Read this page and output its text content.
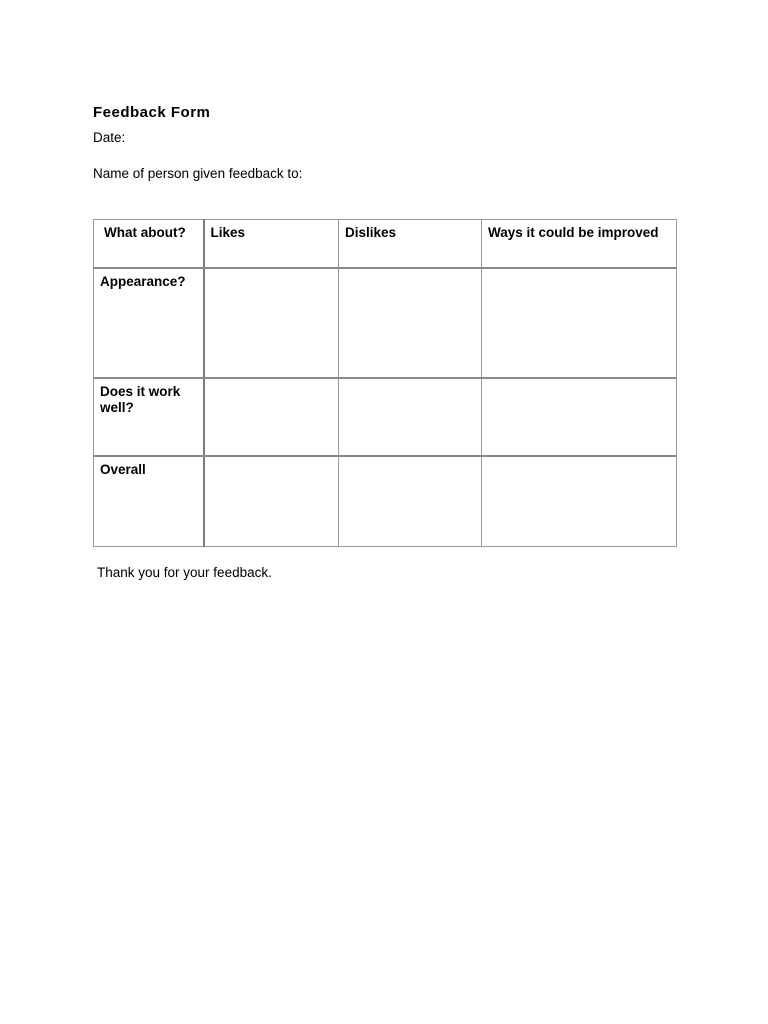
Feedback Form
Date:
Name of person given feedback to:
What about?	Likes	Dislikes	Ways it could be improved
Appearance?			
Does it work well?			
Overall			
Thank you for your feedback.
